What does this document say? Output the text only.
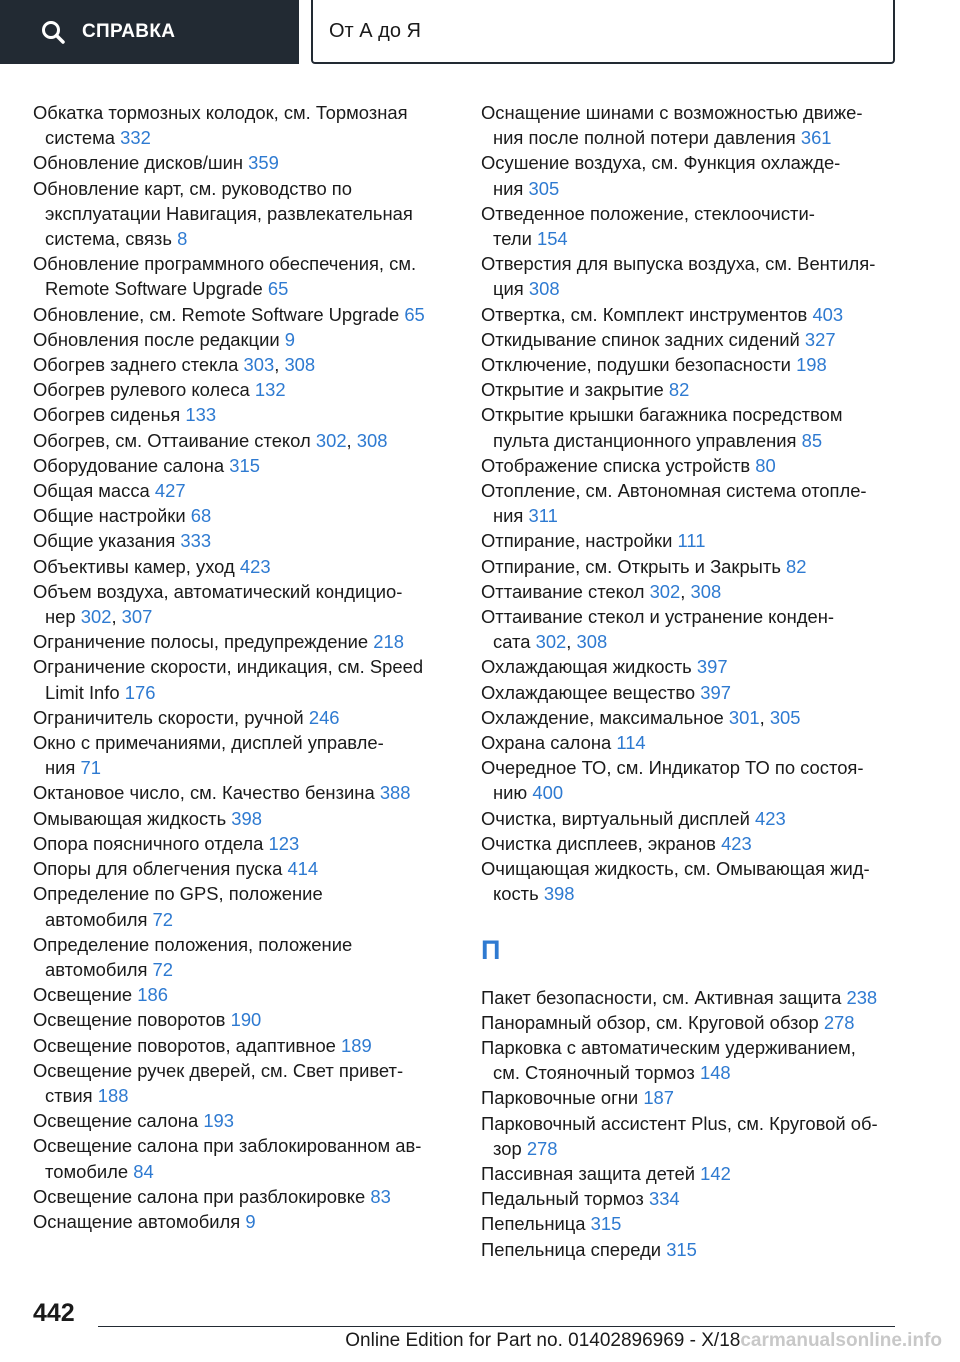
СПРАВКА	От А до Я
Обкатка тормозных колодок, см. Тормозная
система 332
Обновление дисков/шин 359
Обновление карт, см. руководство по
эксплуатации Навигация, развлекательная
система, связь 8
Обновление программного обеспечения, см.
Remote Software Upgrade 65
Обновление, см. Remote Software Upgrade 65
Обновления после редакции 9
Обогрев заднего стекла 303, 308
Обогрев рулевого колеса 132
Обогрев сиденья 133
Обогрев, см. Оттаивание стекол 302, 308
Оборудование салона 315
Общая масса 427
Общие настройки 68
Общие указания 333
Объективы камер, уход 423
Объем воздуха, автоматический кондицио-
нер 302, 307
Ограничение полосы, предупреждение 218
Ограничение скорости, индикация, см. Speed
Limit Info 176
Ограничитель скорости, ручной 246
Окно с примечаниями, дисплей управле-
ния 71
Октановое число, см. Качество бензина 388
Омывающая жидкость 398
Опора поясничного отдела 123
Опоры для облегчения пуска 414
Определение по GPS, положение
автомобиля 72
Определение положения, положение
автомобиля 72
Освещение 186
Освещение поворотов 190
Освещение поворотов, адаптивное 189
Освещение ручек дверей, см. Свет привет-
ствия 188
Освещение салона 193
Освещение салона при заблокированном ав-
томобиле 84
Освещение салона при разблокировке 83
Оснащение автомобиля 9
Оснащение шинами с возможностью движе-
ния после полной потери давления 361
Осушение воздуха, см. Функция охлажде-
ния 305
Отведенное положение, стеклоочисти-
тели 154
Отверстия для выпуска воздуха, см. Вентиля-
ция 308
Отвертка, см. Комплект инструментов 403
Откидывание спинок задних сидений 327
Отключение, подушки безопасности 198
Открытие и закрытие 82
Открытие крышки багажника посредством
пульта дистанционного управления 85
Отображение списка устройств 80
Отопление, см. Автономная система отопле-
ния 311
Отпирание, настройки 111
Отпирание, см. Открыть и Закрыть 82
Оттаивание стекол 302, 308
Оттаивание стекол и устранение конден-
сата 302, 308
Охлаждающая жидкость 397
Охлаждающее вещество 397
Охлаждение, максимальное 301, 305
Охрана салона 114
Очередное ТО, см. Индикатор ТО по состоя-
нию 400
Очистка, виртуальный дисплей 423
Очистка дисплеев, экранов 423
Очищающая жидкость, см. Омывающая жид-
кость 398
П
Пакет безопасности, см. Активная защита 238
Панорамный обзор, см. Круговой обзор 278
Парковка с автоматическим удерживанием,
см. Стояночный тормоз 148
Парковочные огни 187
Парковочный ассистент Plus, см. Круговой об-
зор 278
Пассивная защита детей 142
Педальный тормоз 334
Пепельница 315
Пепельница спереди 315
442
Online Edition for Part no. 01402896969 - X/18carmanualsonline.info
